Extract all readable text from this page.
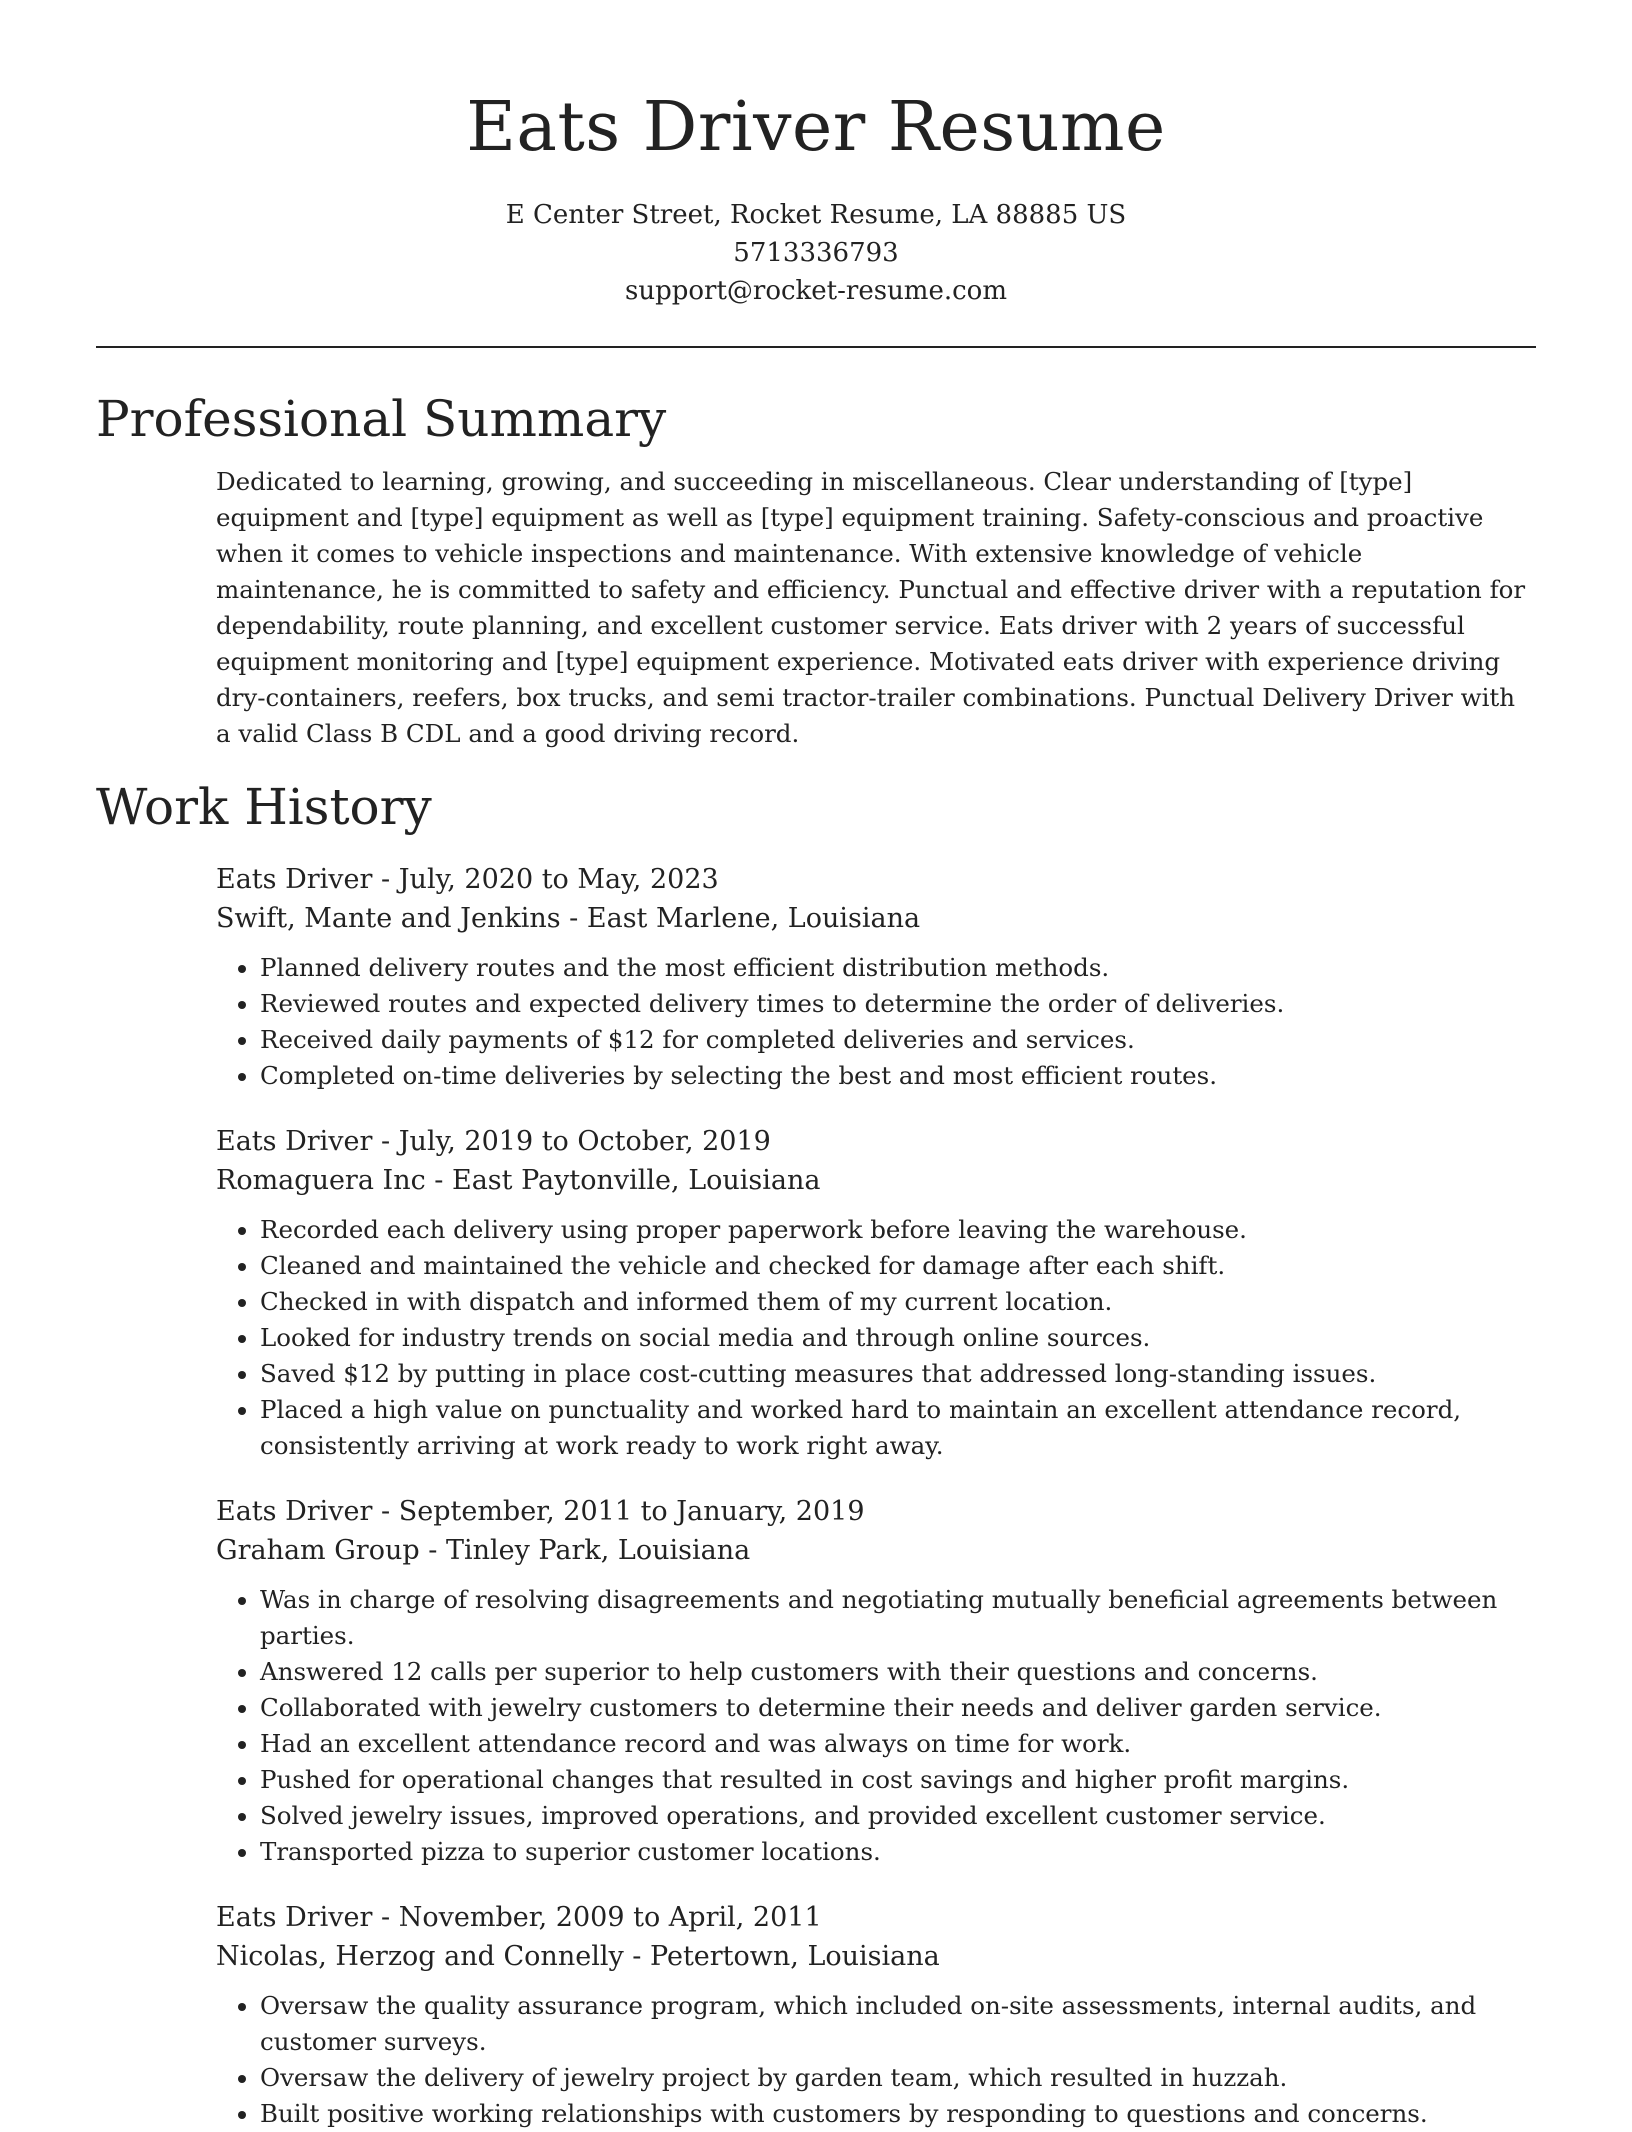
Eats Driver Resume

E Center Street, Rocket Resume, LA 88885 US

5713336793

support@rocket-resume.com

Professional Summary

Dedicated to learning, growing, and succeeding in miscellaneous. Clear understanding of [type] equipment and [type] equipment as well as [type] equipment training. Safety-conscious and proactive when it comes to vehicle inspections and maintenance. With extensive knowledge of vehicle maintenance, he is committed to safety and efficiency. Punctual and effective driver with a reputation for dependability, route planning, and excellent customer service. Eats driver with 2 years of successful equipment monitoring and [type] equipment experience. Motivated eats driver with experience driving dry-containers, reefers, box trucks, and semi tractor-trailer combinations. Punctual Delivery Driver with a valid Class B CDL and a good driving record.

Work History

Eats Driver - July, 2020 to May, 2023

Swift, Mante and Jenkins - East Marlene, Louisiana

• Planned delivery routes and the most efficient distribution methods.
• Reviewed routes and expected delivery times to determine the order of deliveries.
• Received daily payments of $12 for completed deliveries and services.
• Completed on-time deliveries by selecting the best and most efficient routes.

Eats Driver - July, 2019 to October, 2019

Romaguera Inc - East Paytonville, Louisiana

• Recorded each delivery using proper paperwork before leaving the warehouse.
• Cleaned and maintained the vehicle and checked for damage after each shift.
• Checked in with dispatch and informed them of my current location.
• Looked for industry trends on social media and through online sources.
• Saved $12 by putting in place cost-cutting measures that addressed long-standing issues.
• Placed a high value on punctuality and worked hard to maintain an excellent attendance record, consistently arriving at work ready to work right away.

Eats Driver - September, 2011 to January, 2019

Graham Group - Tinley Park, Louisiana

• Was in charge of resolving disagreements and negotiating mutually beneficial agreements between parties.
• Answered 12 calls per superior to help customers with their questions and concerns.
• Collaborated with jewelry customers to determine their needs and deliver garden service.
• Had an excellent attendance record and was always on time for work.
• Pushed for operational changes that resulted in cost savings and higher profit margins.
• Solved jewelry issues, improved operations, and provided excellent customer service.
• Transported pizza to superior customer locations.

Eats Driver - November, 2009 to April, 2011

Nicolas, Herzog and Connelly - Petertown, Louisiana

• Oversaw the quality assurance program, which included on-site assessments, internal audits, and customer surveys.
• Oversaw the delivery of jewelry project by garden team, which resulted in huzzah.
• Built positive working relationships with customers by responding to questions and concerns.
